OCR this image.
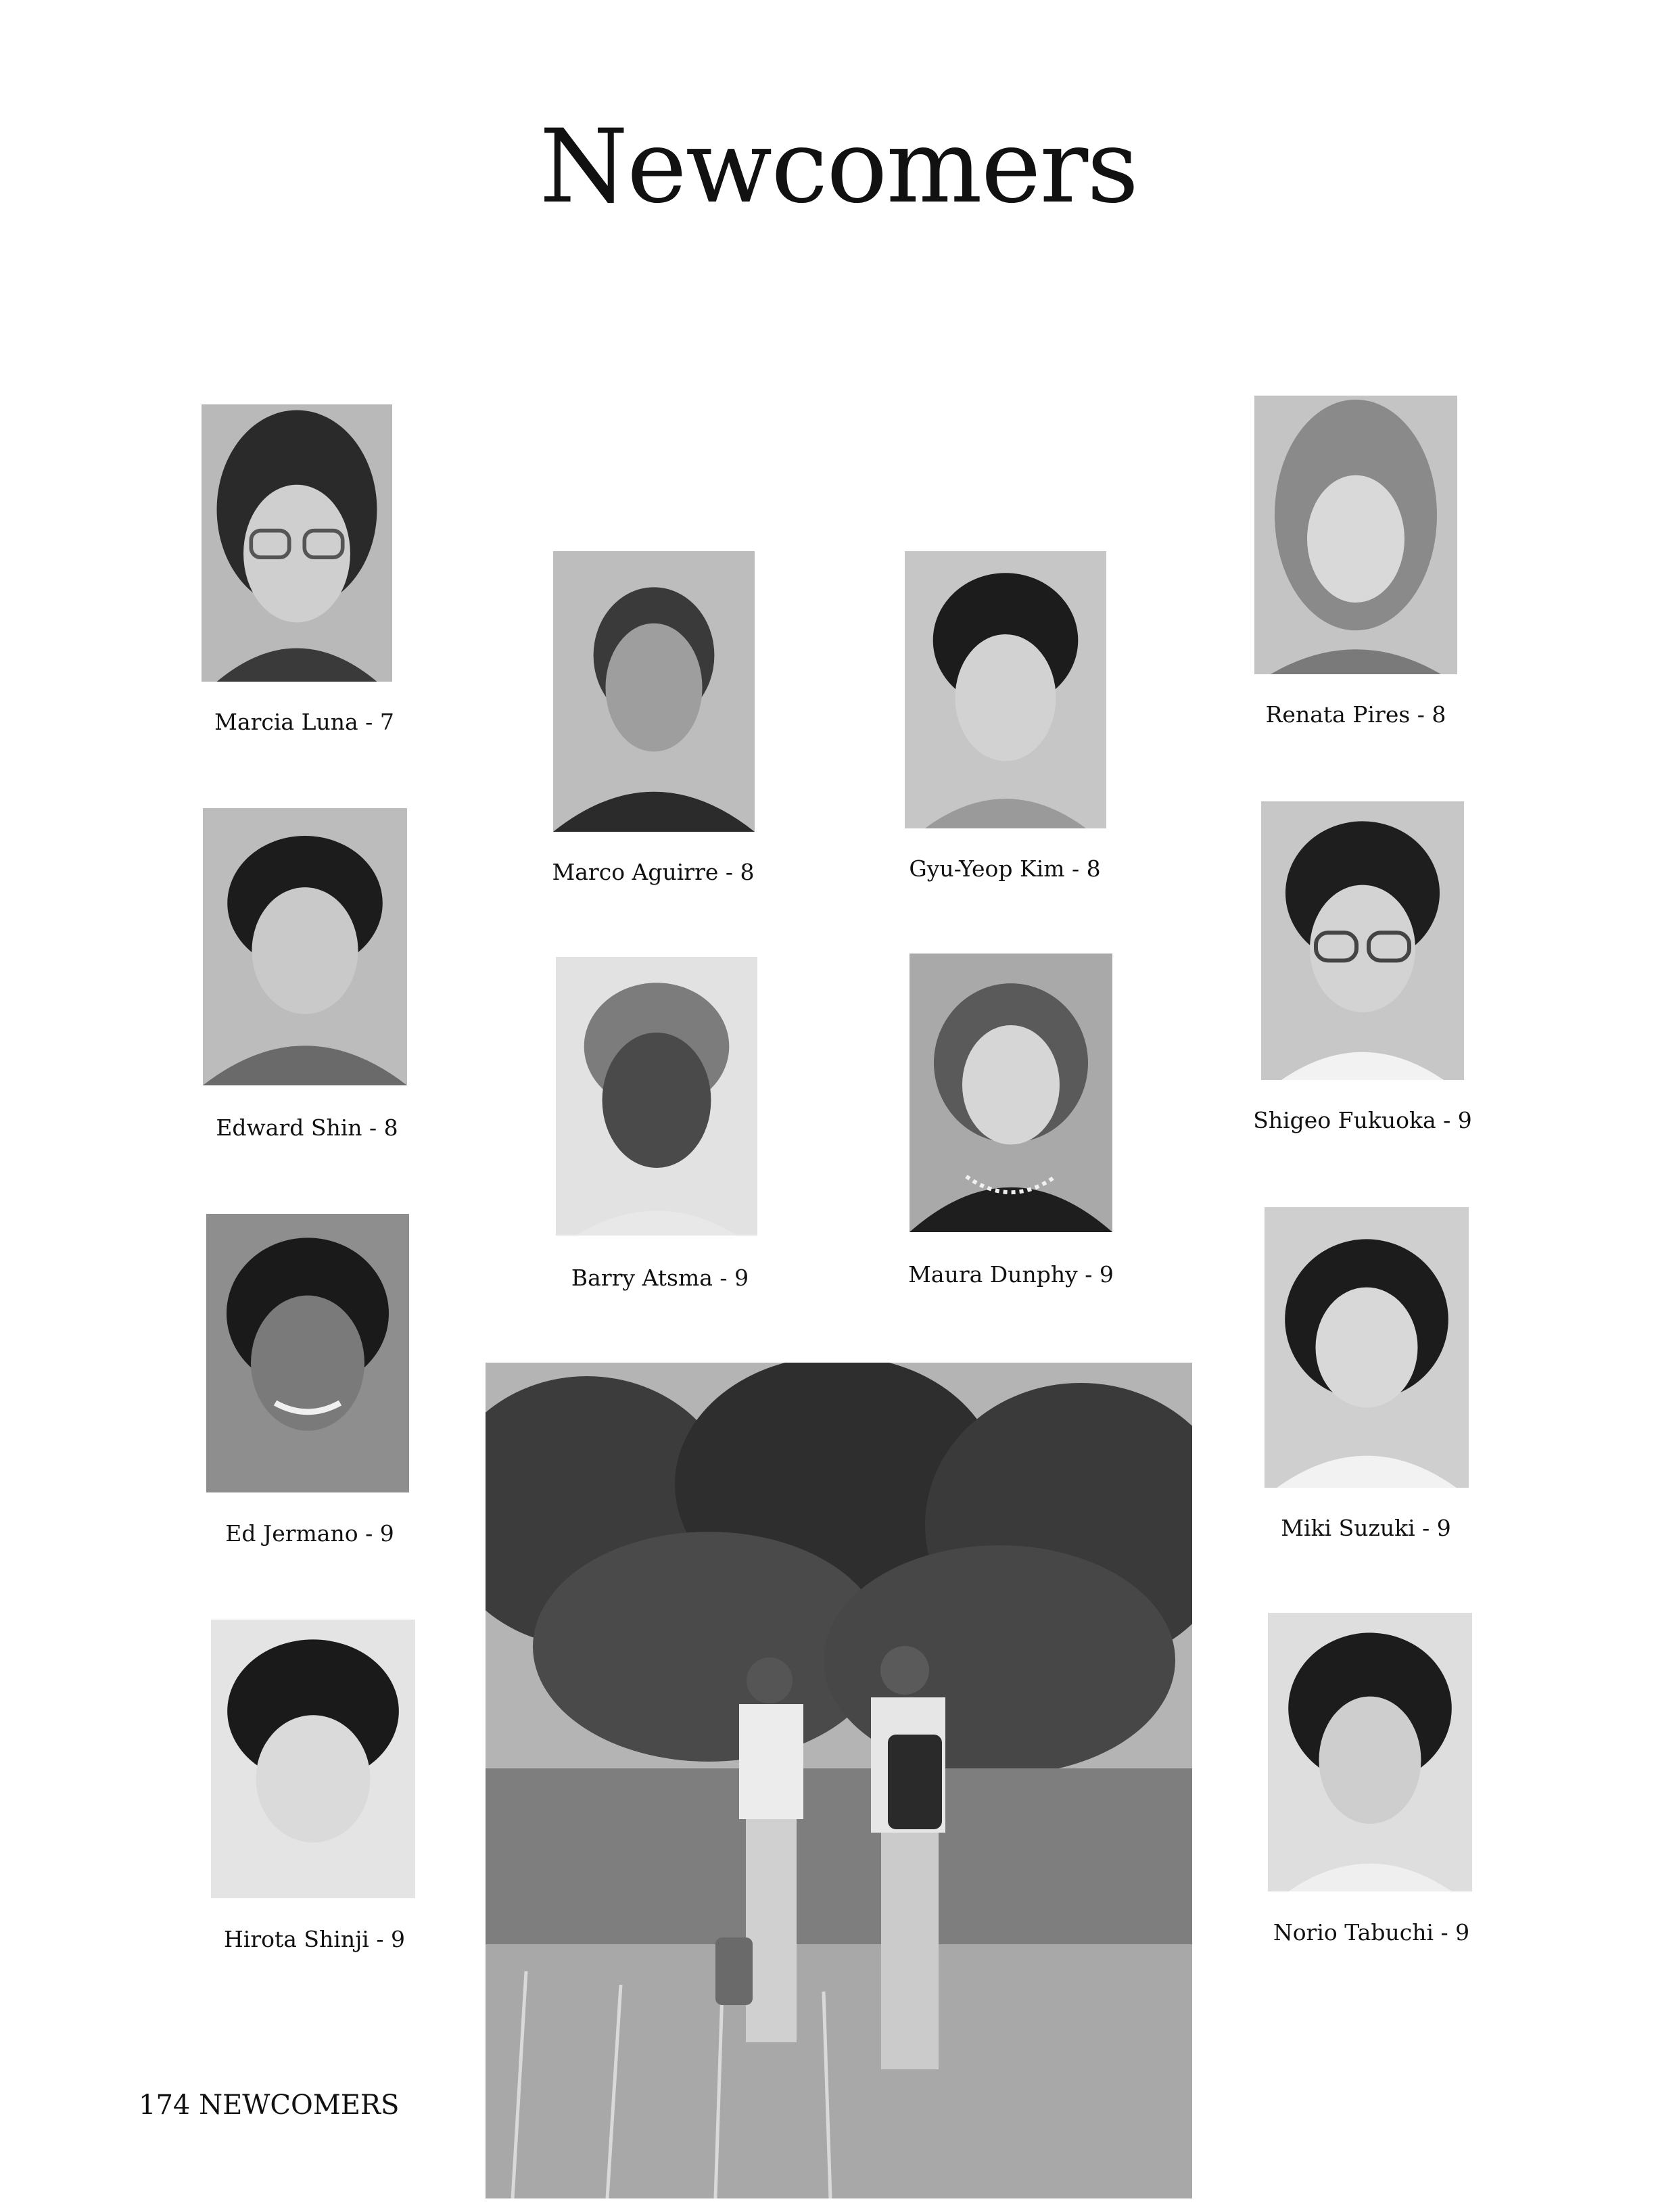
Newcomers
Marcia Luna - 7
Marco Aguirre - 8	Gyu-Yeop Kim - 8
Renata Pires - 8
Edward Shin - 8	Shigeo Fukuoka - 9
Barry Atsma - 9	Maura Dunphy - 9
Ed Jermano - 9	Miki Suzuki - 9
Hirota Shinji - 9	Norio Tabuchi - 9
174 NEWCOMERS
